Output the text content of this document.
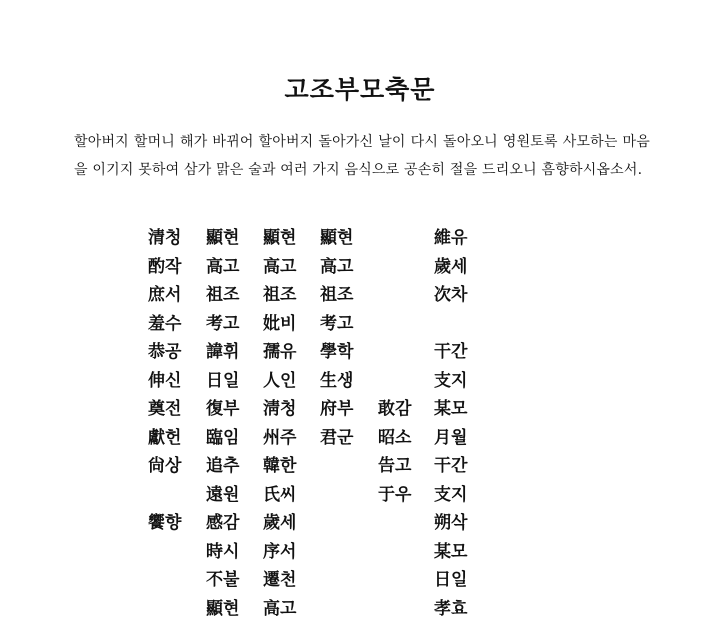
고조부모축문

할아버지 할머니 해가 바뀌어 할아버지 돌아가신 날이 다시 돌아오니 영원토록 사모하는 마음을 이기지 못하여 삼가 맑은 술과 여러 가지 음식으로 공손히 절을 드리오니 흠향하시옵소서.

清청
酌작
庶서
羞수
恭공
伸신
奠전
獻헌
尙상
饗향
顯현
高고
祖조
考고
諱휘
日일
復부
臨임
追추
遠원
感감
時시
不불
顯현
顯현
高고
祖조
妣비
孺유
人인
淸청
州주
韓한
氏씨
歲세
序서
遷천
高고
顯현
高고
祖조
考고
學학
生생
府부
君군
敢감
昭소
告고
于우
維유
歲세
次차
干간
支지
某모
月월
干간
支지
朔삭
某모
日일
孝효
